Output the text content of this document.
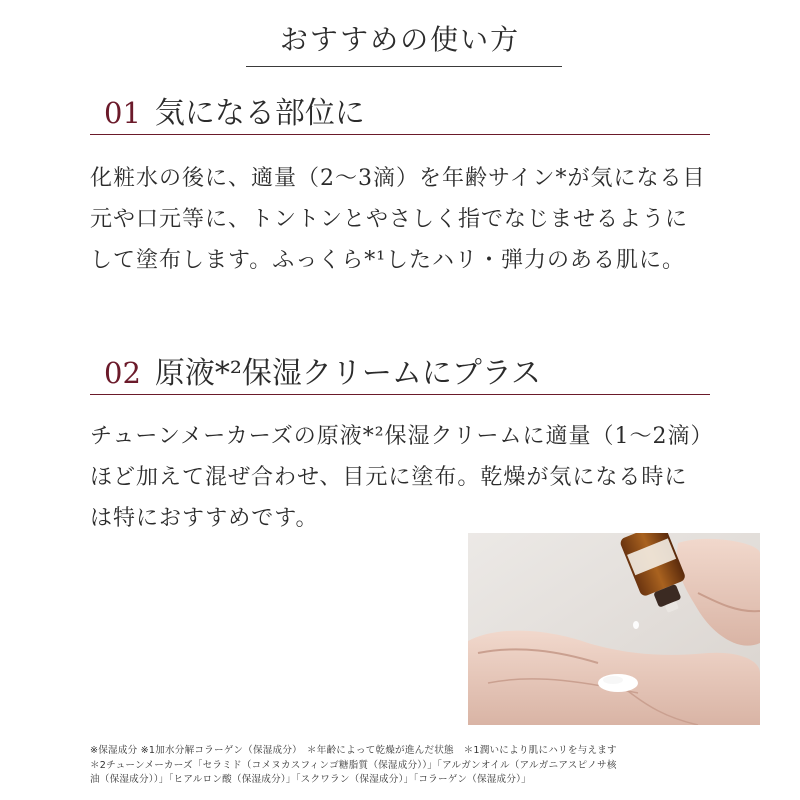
おすすめの使い方
01 気になる部位に
化粧水の後に、適量（2〜3滴）を年齢サイン*が気になる目元や口元等に、トントンとやさしく指でなじませるようにして塗布します。ふっくら*¹したハリ・弾力のある肌に。
02 原液*²保湿クリームにプラス
チューンメーカーズの原液*²保湿クリームに適量（1〜2滴）ほど加えて混ぜ合わせ、目元に塗布。乾燥が気になる時には特におすすめです。
※保湿成分 ※1加水分解コラーゲン（保湿成分）　＊年齢によって乾燥が進んだ状態　＊1潤いにより肌にハリを与えます
＊2チューンメーカーズ「セラミド（コメヌカスフィンゴ糖脂質（保湿成分））」「アルガンオイル（アルガニアスピノサ核
油（保湿成分））」「ヒアルロン酸（保湿成分）」「スクワラン（保湿成分）」「コラーゲン（保湿成分）」
